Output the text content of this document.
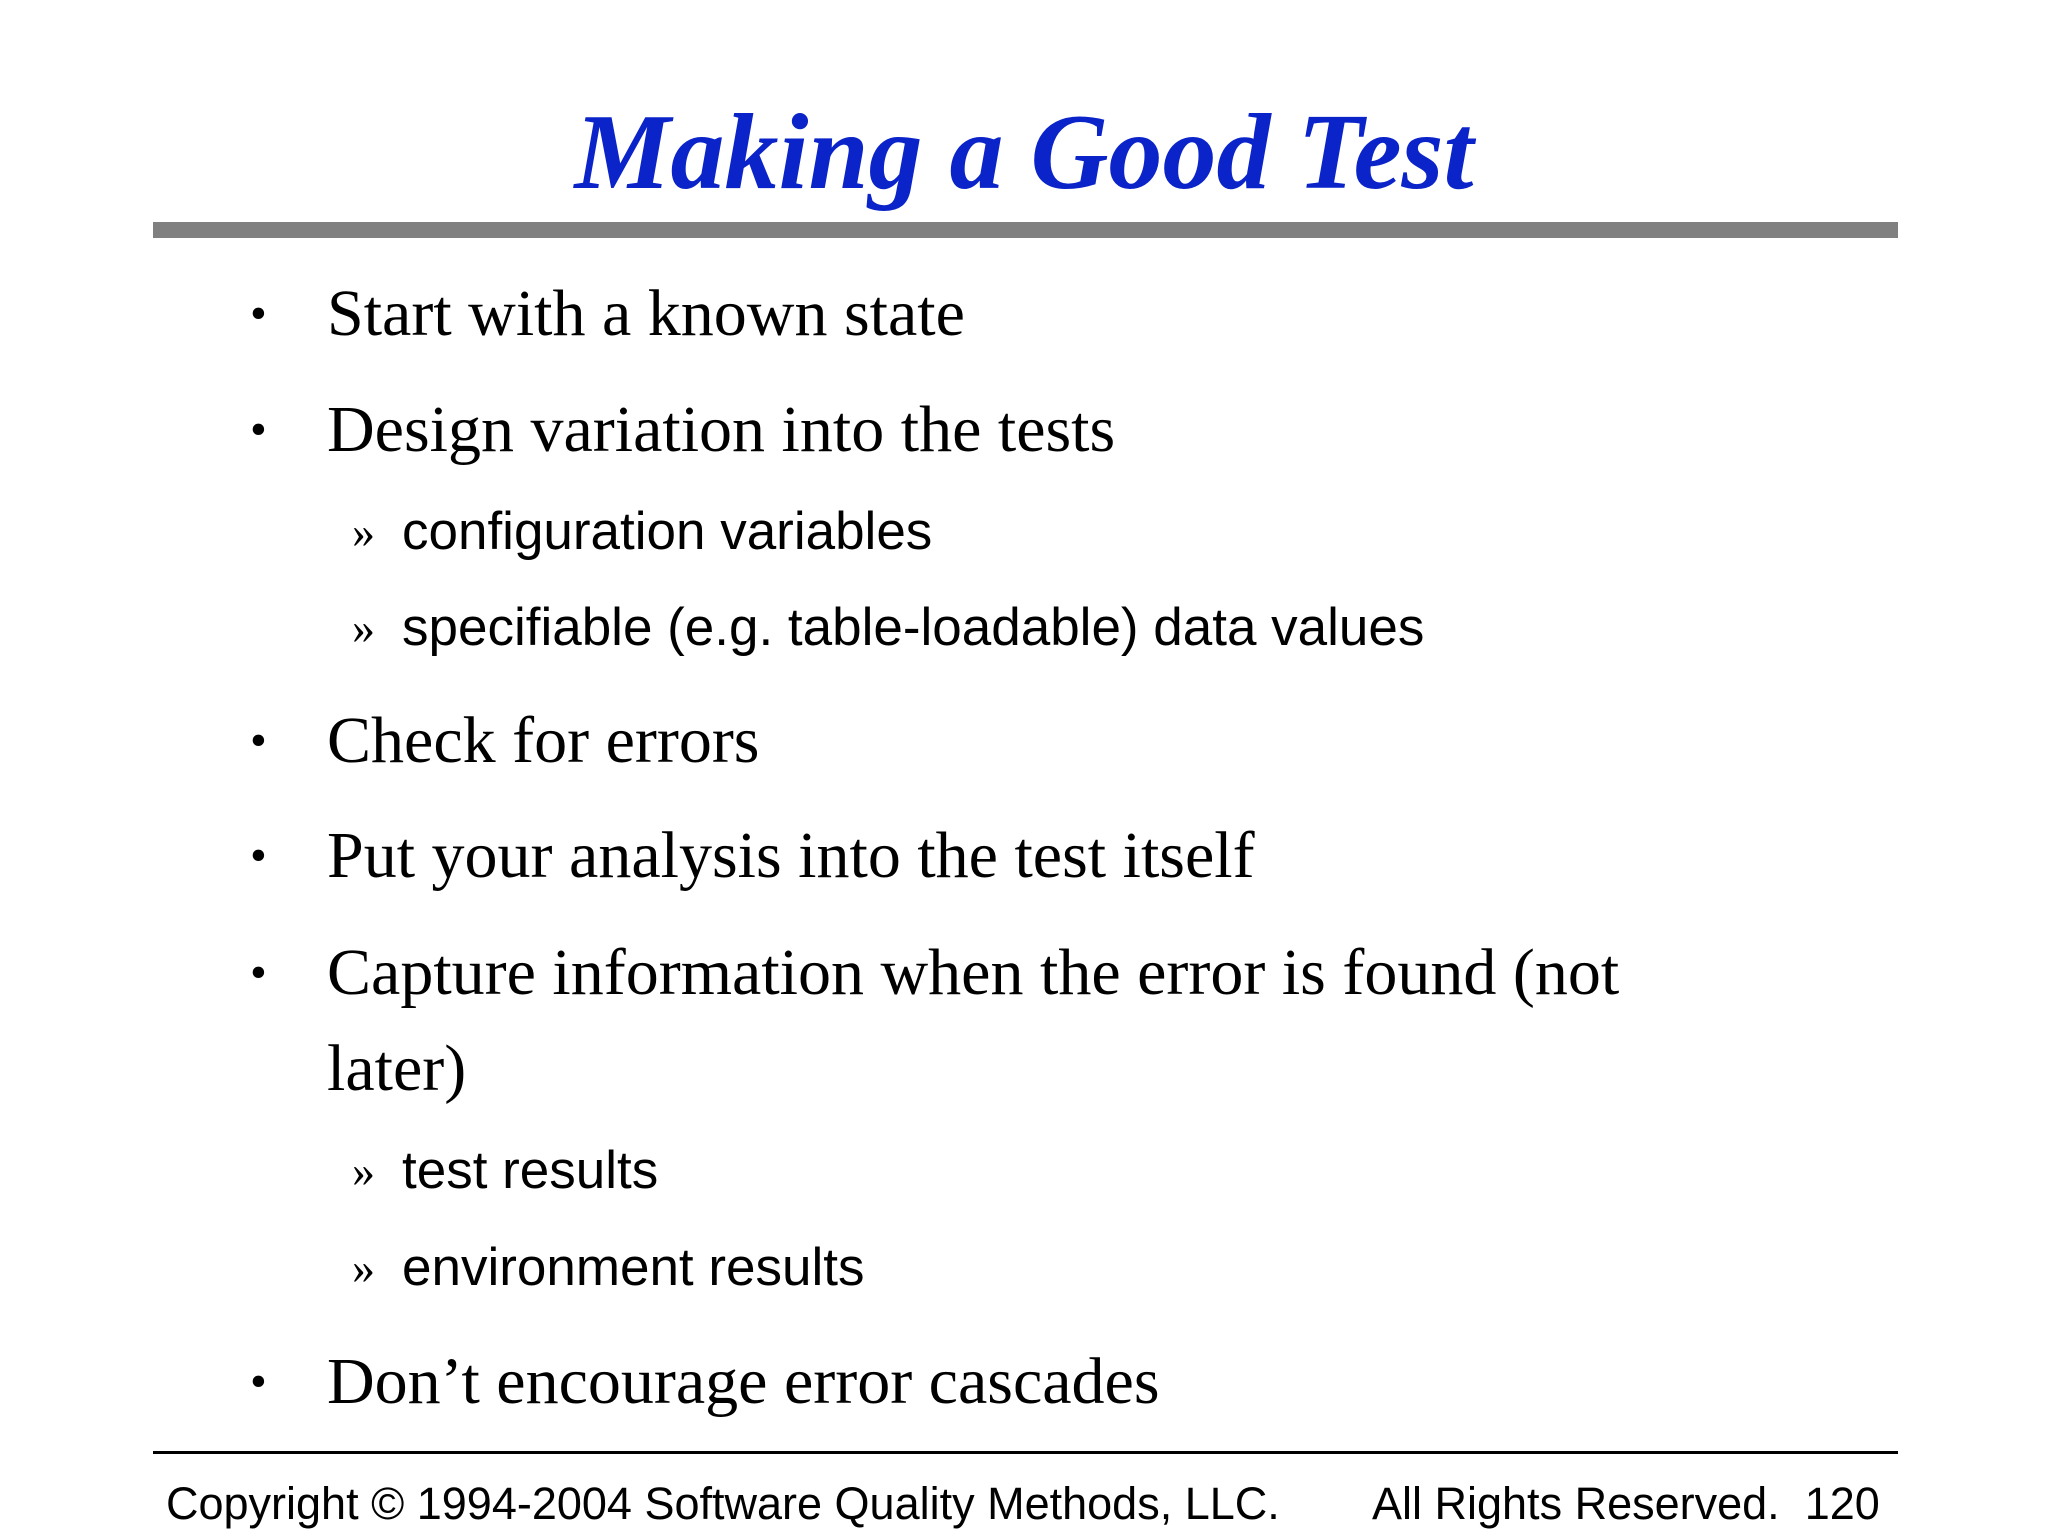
Making a Good Test
• Start with a known state
• Design variation into the tests
» configuration variables
» specifiable (e.g. table-loadable) data values
• Check for errors
• Put your analysis into the test itself
• Capture information when the error is found (not later)
» test results
» environment results
• Don’t encourage error cascades
Copyright © 1994-2004 Software Quality Methods, LLC. All Rights Reserved. 120
